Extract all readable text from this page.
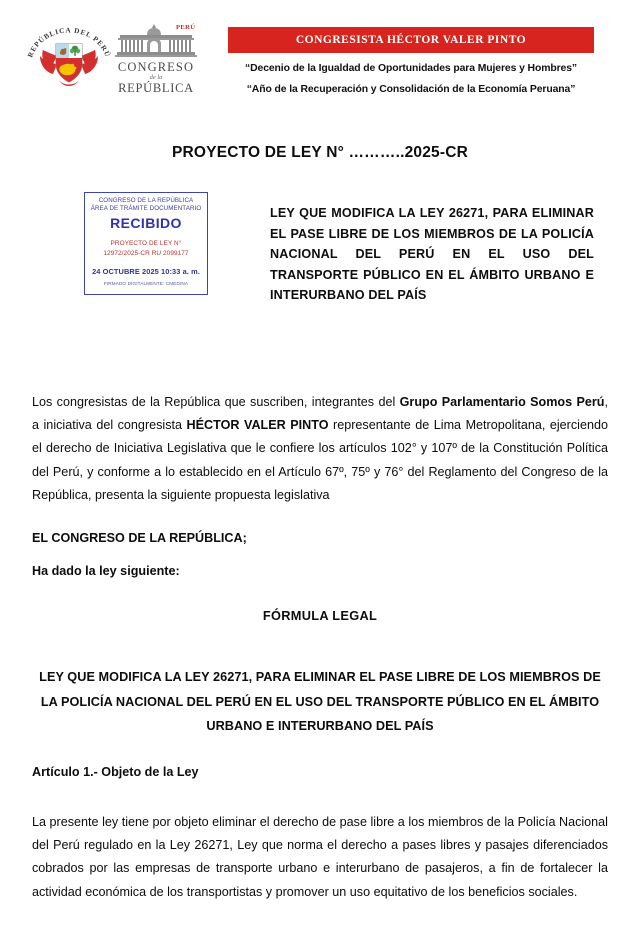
REPÚBLICA DEL PERÚ
PERÚ
CONGRESO
de la
REPÚBLICA
CONGRESISTA HÉCTOR VALER PINTO
“Decenio de la Igualdad de Oportunidades para Mujeres y Hombres”
“Año de la Recuperación y Consolidación de la Economía Peruana”
PROYECTO DE LEY N° ………..2025-CR
CONGRESO DE LA REPÚBLICA
ÁREA DE TRÁMITE DOCUMENTARIO
RECIBIDO
PROYECTO DE LEY N°
12972/2025-CR RU 2099177
24 OCTUBRE 2025 10:33 a. m.
FIRMADO DIGITALMENTE: CMEDINA
LEY QUE MODIFICA LA LEY 26271, PARA ELIMINAR EL PASE LIBRE DE LOS MIEMBROS DE LA POLICÍA NACIONAL DEL PERÚ EN EL USO DEL TRANSPORTE PÚBLICO EN EL ÁMBITO URBANO E INTERURBANO DEL PAÍS

Los congresistas de la República que suscriben, integrantes del Grupo Parlamentario Somos Perú, a iniciativa del congresista HÉCTOR VALER PINTO representante de Lima Metropolitana, ejerciendo el derecho de Iniciativa Legislativa que le confiere los artículos 102° y 107º de la Constitución Política del Perú, y conforme a lo establecido en el Artículo 67º, 75º y 76° del Reglamento del Congreso de la República, presenta la siguiente propuesta legislativa

EL CONGRESO DE LA REPÚBLICA;
Ha dado la ley siguiente:
FÓRMULA LEGAL
LEY QUE MODIFICA LA LEY 26271, PARA ELIMINAR EL PASE LIBRE DE LOS MIEMBROS DE LA POLICÍA NACIONAL DEL PERÚ EN EL USO DEL TRANSPORTE PÚBLICO EN EL ÁMBITO URBANO E INTERURBANO DEL PAÍS
Artículo 1.- Objeto de la Ley

La presente ley tiene por objeto eliminar el derecho de pase libre a los miembros de la Policía Nacional del Perú regulado en la Ley 26271, Ley que norma el derecho a pases libres y pasajes diferenciados cobrados por las empresas de transporte urbano e interurbano de pasajeros, a fin de fortalecer la actividad económica de los transportistas y promover un uso equitativo de los beneficios sociales.
